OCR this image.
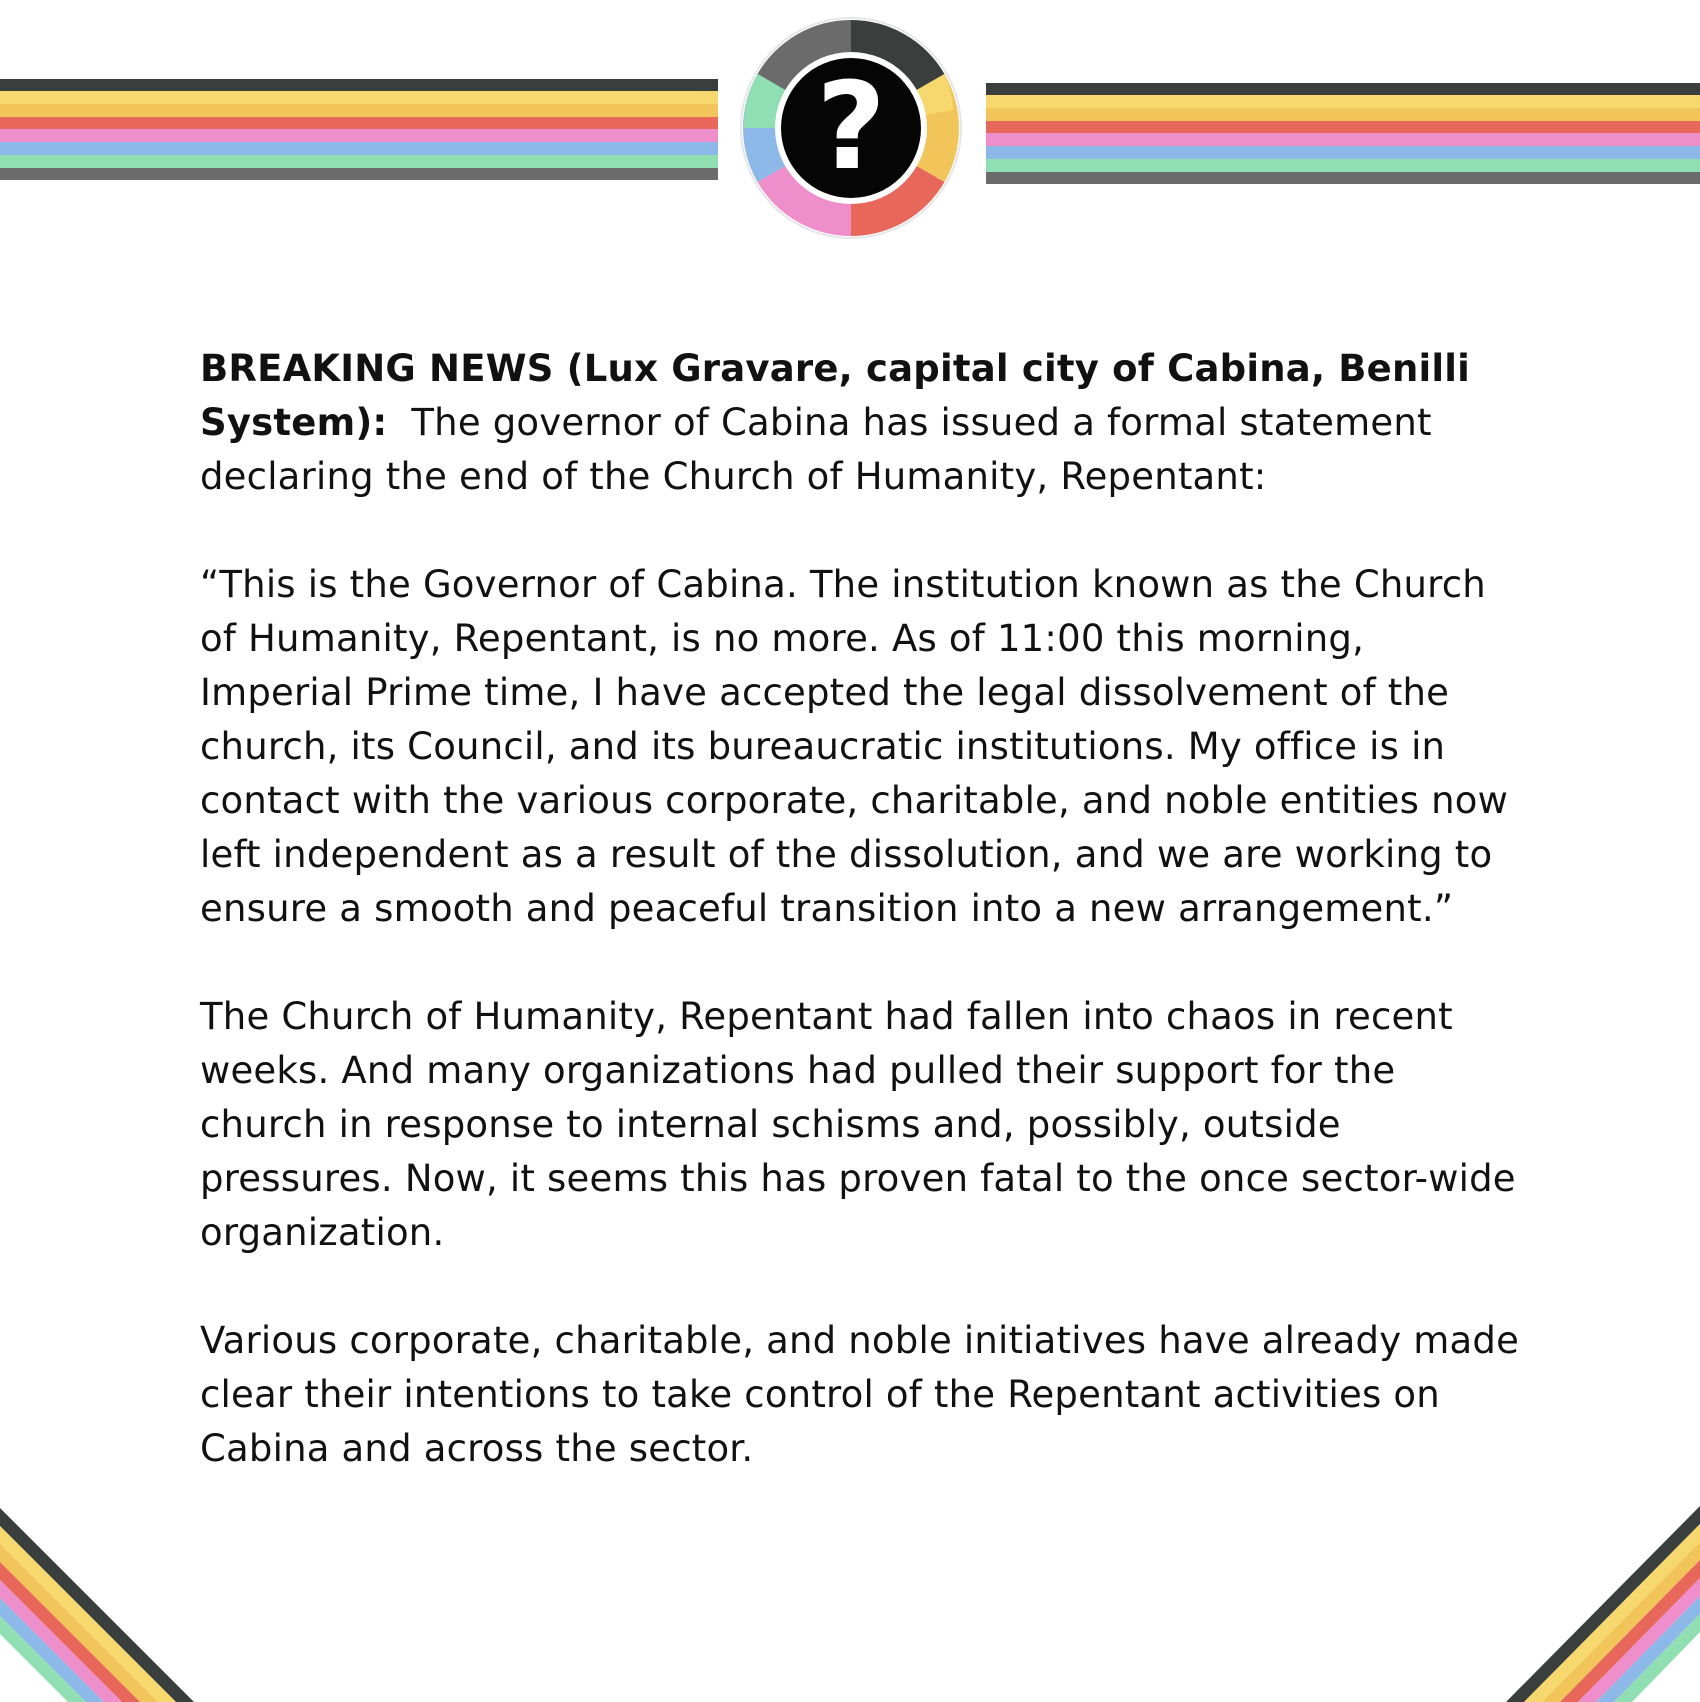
?

BREAKING NEWS (Lux Gravare, capital city of Cabina, Benilli System): The governor of Cabina has issued a formal statement declaring the end of the Church of Humanity, Repentant:

“This is the Governor of Cabina. The institution known as the Church of Humanity, Repentant, is no more. As of 11:00 this morning, Imperial Prime time, I have accepted the legal dissolvement of the church, its Council, and its bureaucratic institutions. My office is in contact with the various corporate, charitable, and noble entities now left independent as a result of the dissolution, and we are working to ensure a smooth and peaceful transition into a new arrangement.”

The Church of Humanity, Repentant had fallen into chaos in recent weeks. And many organizations had pulled their support for the church in response to internal schisms and, possibly, outside pressures. Now, it seems this has proven fatal to the once sector-wide organization.

Various corporate, charitable, and noble initiatives have already made clear their intentions to take control of the Repentant activities on Cabina and across the sector.
